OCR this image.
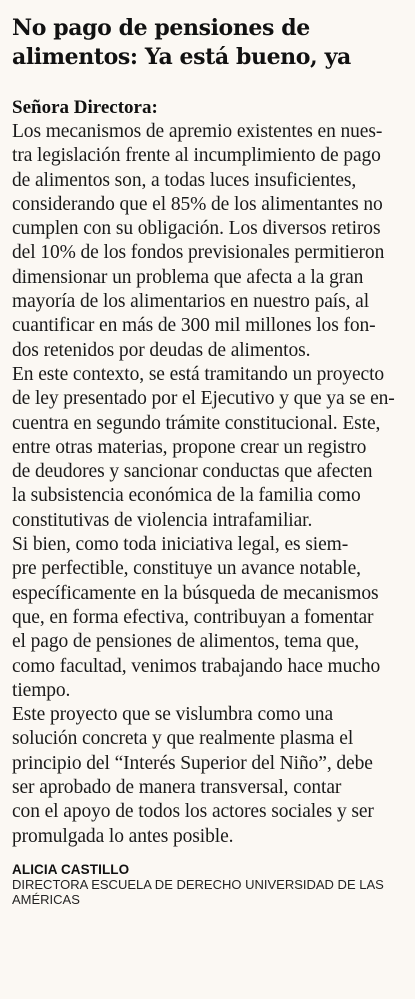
No pago de pensiones de
alimentos: Ya está bueno, ya
Señora Directora:
Los mecanismos de apremio existentes en nues-
tra legislación frente al incumplimiento de pago
de alimentos son, a todas luces insuficientes,
considerando que el 85% de los alimentantes no
cumplen con su obligación. Los diversos retiros
del 10% de los fondos previsionales permitieron
dimensionar un problema que afecta a la gran
mayoría de los alimentarios en nuestro país, al
cuantificar en más de 300 mil millones los fon-
dos retenidos por deudas de alimentos.
En este contexto, se está tramitando un proyecto
de ley presentado por el Ejecutivo y que ya se en-
cuentra en segundo trámite constitucional. Este,
entre otras materias, propone crear un registro
de deudores y sancionar conductas que afecten
la subsistencia económica de la familia como
constitutivas de violencia intrafamiliar.
Si bien, como toda iniciativa legal, es siem-
pre perfectible, constituye un avance notable,
específicamente en la búsqueda de mecanismos
que, en forma efectiva, contribuyan a fomentar
el pago de pensiones de alimentos, tema que,
como facultad, venimos trabajando hace mucho
tiempo.
Este proyecto que se vislumbra como una
solución concreta y que realmente plasma el
principio del “Interés Superior del Niño”, debe
ser aprobado de manera transversal, contar
con el apoyo de todos los actores sociales y ser
promulgada lo antes posible.
ALICIA CASTILLO
DIRECTORA ESCUELA DE DERECHO UNIVERSIDAD DE LAS
AMÉRICAS
